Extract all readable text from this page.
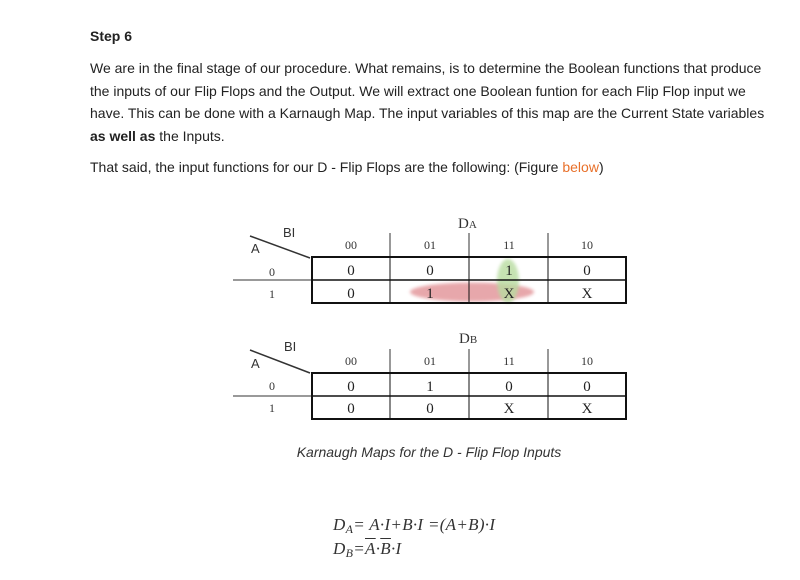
Step 6
We are in the final stage of our procedure. What remains, is to determine the Boolean functions that produce the inputs of our Flip Flops and the Output. We will extract one Boolean funtion for each Flip Flop input we have. This can be done with a Karnaugh Map. The input variables of this map are the Current State variables as well as the Inputs.
That said, the input functions for our D - Flip Flops are the following: (Figure below)
DA
BI
A	00	01	11	10
0
1
0	0	1	0
0	1	X	X
DB
BI
A	00	01	11	10
0
1
0	1	0	0
0	0	X	X
Karnaugh Maps for the D - Flip Flop Inputs
$D_A= A\cdot I+B\cdot I =(A+B)\cdot I$
$D_B=\overline{A}\cdot\overline{B}\cdot I$
